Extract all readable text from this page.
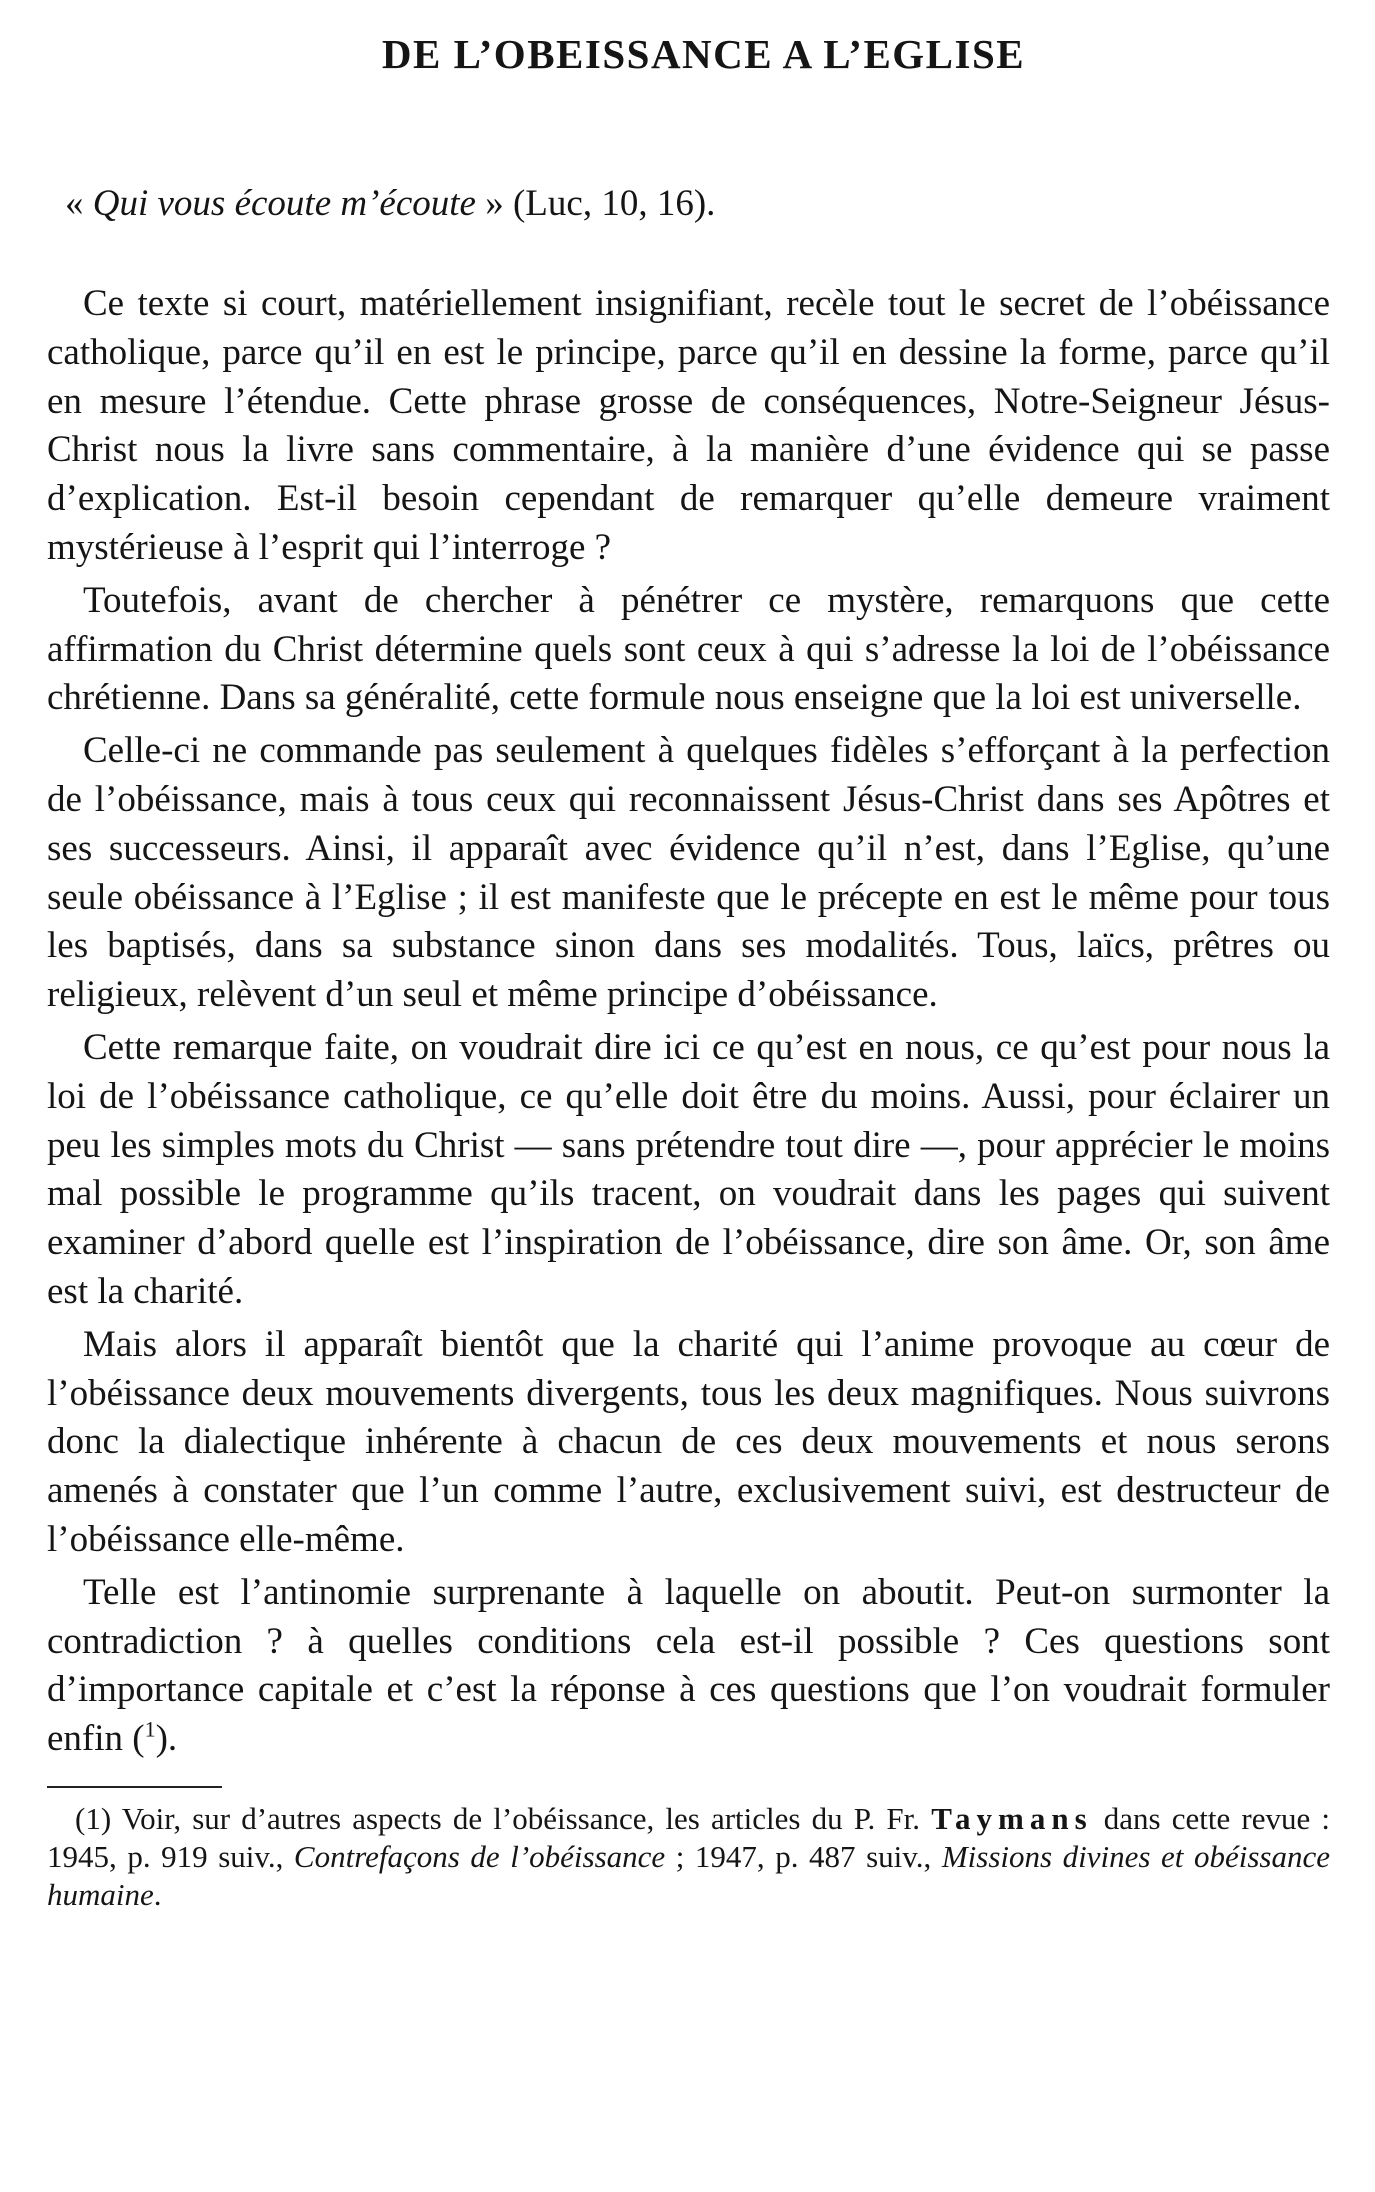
DE L’OBEISSANCE A L’EGLISE
« Qui vous écoute m’écoute » (Luc, 10, 16).

Ce texte si court, matériellement insignifiant, recèle tout le secret de l’obéissance catholique, parce qu’il en est le principe, parce qu’il en dessine la forme, parce qu’il en mesure l’étendue. Cette phrase grosse de conséquences, Notre-Seigneur Jésus-Christ nous la livre sans commentaire, à la manière d’une évidence qui se passe d’explication. Est-il besoin cependant de remarquer qu’elle demeure vraiment mystérieuse à l’esprit qui l’interroge ?

Toutefois, avant de chercher à pénétrer ce mystère, remarquons que cette affirmation du Christ détermine quels sont ceux à qui s’adresse la loi de l’obéissance chrétienne. Dans sa généralité, cette formule nous enseigne que la loi est universelle.

Celle-ci ne commande pas seulement à quelques fidèles s’efforçant à la perfection de l’obéissance, mais à tous ceux qui reconnaissent Jésus-Christ dans ses Apôtres et ses successeurs. Ainsi, il apparaît avec évidence qu’il n’est, dans l’Eglise, qu’une seule obéissance à l’Eglise ; il est manifeste que le précepte en est le même pour tous les baptisés, dans sa substance sinon dans ses modalités. Tous, laïcs, prêtres ou religieux, relèvent d’un seul et même principe d’obéissance.

Cette remarque faite, on voudrait dire ici ce qu’est en nous, ce qu’est pour nous la loi de l’obéissance catholique, ce qu’elle doit être du moins. Aussi, pour éclairer un peu les simples mots du Christ — sans prétendre tout dire —, pour apprécier le moins mal possible le programme qu’ils tracent, on voudrait dans les pages qui suivent examiner d’abord quelle est l’inspiration de l’obéissance, dire son âme. Or, son âme est la charité.

Mais alors il apparaît bientôt que la charité qui l’anime provoque au cœur de l’obéissance deux mouvements divergents, tous les deux magnifiques. Nous suivrons donc la dialectique inhérente à chacun de ces deux mouvements et nous serons amenés à constater que l’un comme l’autre, exclusivement suivi, est destructeur de l’obéissance elle-même.

Telle est l’antinomie surprenante à laquelle on aboutit. Peut-on surmonter la contradiction ? à quelles conditions cela est-il possible ? Ces questions sont d’importance capitale et c’est la réponse à ces questions que l’on voudrait formuler enfin ($^1$).

(1) Voir, sur d’autres aspects de l’obéissance, les articles du P. Fr. Taymans dans cette revue : 1945, p. 919 suiv., Contrefaçons de l’obéissance ; 1947, p. 487 suiv., Missions divines et obéissance humaine.
